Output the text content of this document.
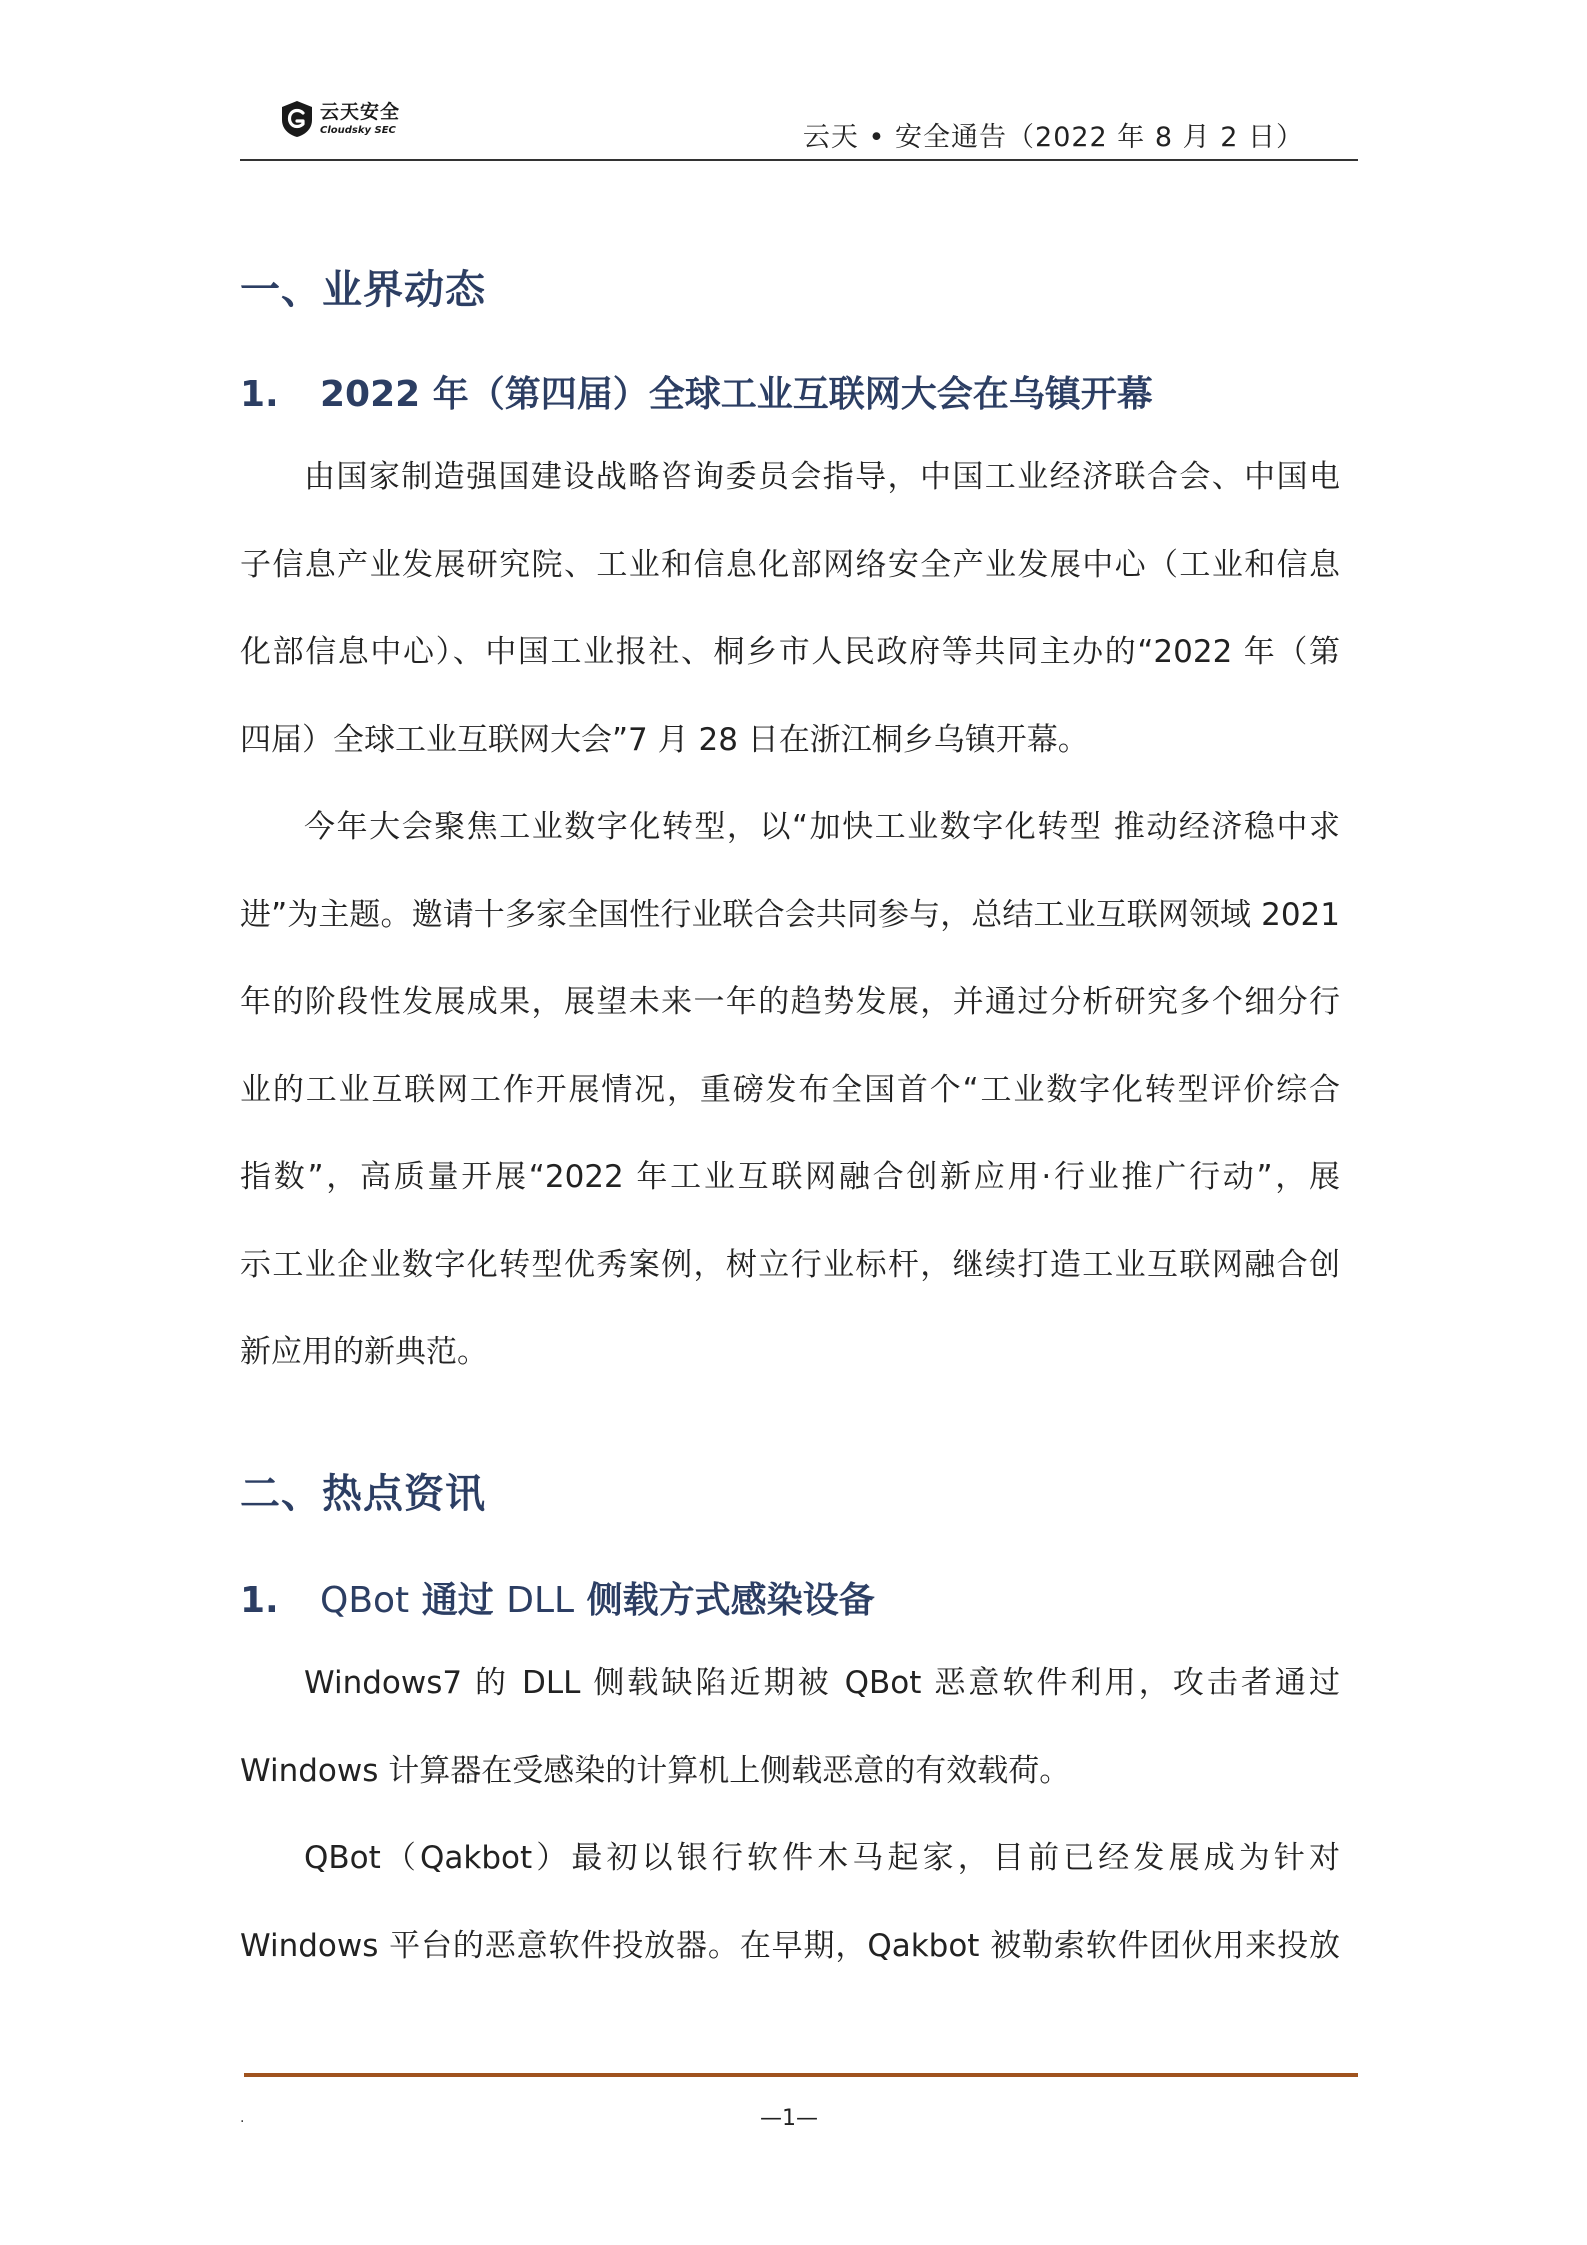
云天安全
Cloudsky SEC	云天 • 安全通告（2022 年 8 月 2 日）
一、业界动态
1. 2022 年（第四届）全球工业互联网大会在乌镇开幕
由国家制造强国建设战略咨询委员会指导，中国工业经济联合会、中国电
子信息产业发展研究院、工业和信息化部网络安全产业发展中心（工业和信息
化部信息中心）、中国工业报社、桐乡市人民政府等共同主办的“2022 年（第
四届）全球工业互联网大会”7 月 28 日在浙江桐乡乌镇开幕。
今年大会聚焦工业数字化转型，以“加快工业数字化转型 推动经济稳中求
进”为主题。邀请十多家全国性行业联合会共同参与，总结工业互联网领域 2021
年的阶段性发展成果，展望未来一年的趋势发展，并通过分析研究多个细分行
业的工业互联网工作开展情况，重磅发布全国首个“工业数字化转型评价综合
指数”，高质量开展“2022 年工业互联网融合创新应用·行业推广行动”，展
示工业企业数字化转型优秀案例，树立行业标杆，继续打造工业互联网融合创
新应用的新典范。
二、热点资讯
1. QBot 通过 DLL 侧载方式感染设备
Windows7 的 DLL 侧载缺陷近期被 QBot 恶意软件利用，攻击者通过
Windows 计算器在受感染的计算机上侧载恶意的有效载荷。
QBot（Qakbot）最初以银行软件木马起家，目前已经发展成为针对
Windows 平台的恶意软件投放器。在早期，Qakbot 被勒索软件团伙用来投放
.	—1—
